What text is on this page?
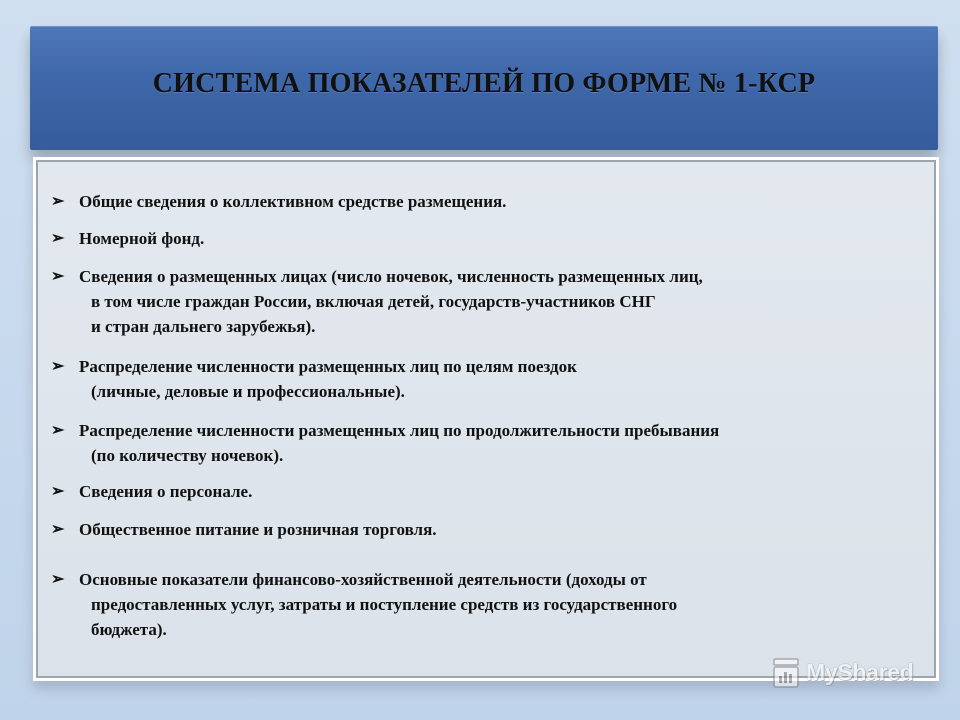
СИСТЕМА ПОКАЗАТЕЛЕЙ ПО ФОРМЕ № 1-КСР
➢ Общие сведения о коллективном средстве размещения.
➢ Номерной фонд.
➢ Сведения о размещенных лицах (число ночевок, численность размещенных лиц,
в том числе граждан России, включая детей, государств-участников СНГ
и стран дальнего зарубежья).
➢ Распределение численности размещенных лиц по целям поездок
(личные, деловые и профессиональные).
➢ Распределение численности размещенных лиц по продолжительности пребывания
(по количеству ночевок).
➢ Сведения о персонале.
➢ Общественное питание и розничная торговля.
➢ Основные показатели финансово-хозяйственной деятельности (доходы от
предоставленных услуг, затраты и поступление средств из государственного
бюджета).
MyShared
